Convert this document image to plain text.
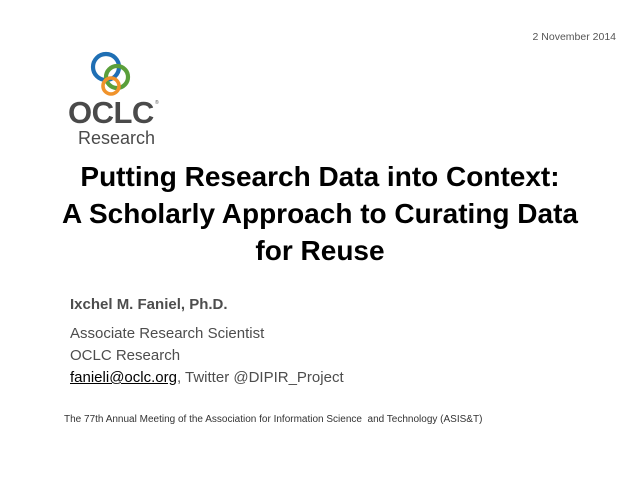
2 November 2014
OCLC ®
Research
Putting Research Data into Context:
A Scholarly Approach to Curating Data
for Reuse
Ixchel M. Faniel, Ph.D.
Associate Research Scientist
OCLC Research
fanieli@oclc.org, Twitter @DIPIR_Project
The 77th Annual Meeting of the Association for Information Science  and Technology (ASIS&T)
